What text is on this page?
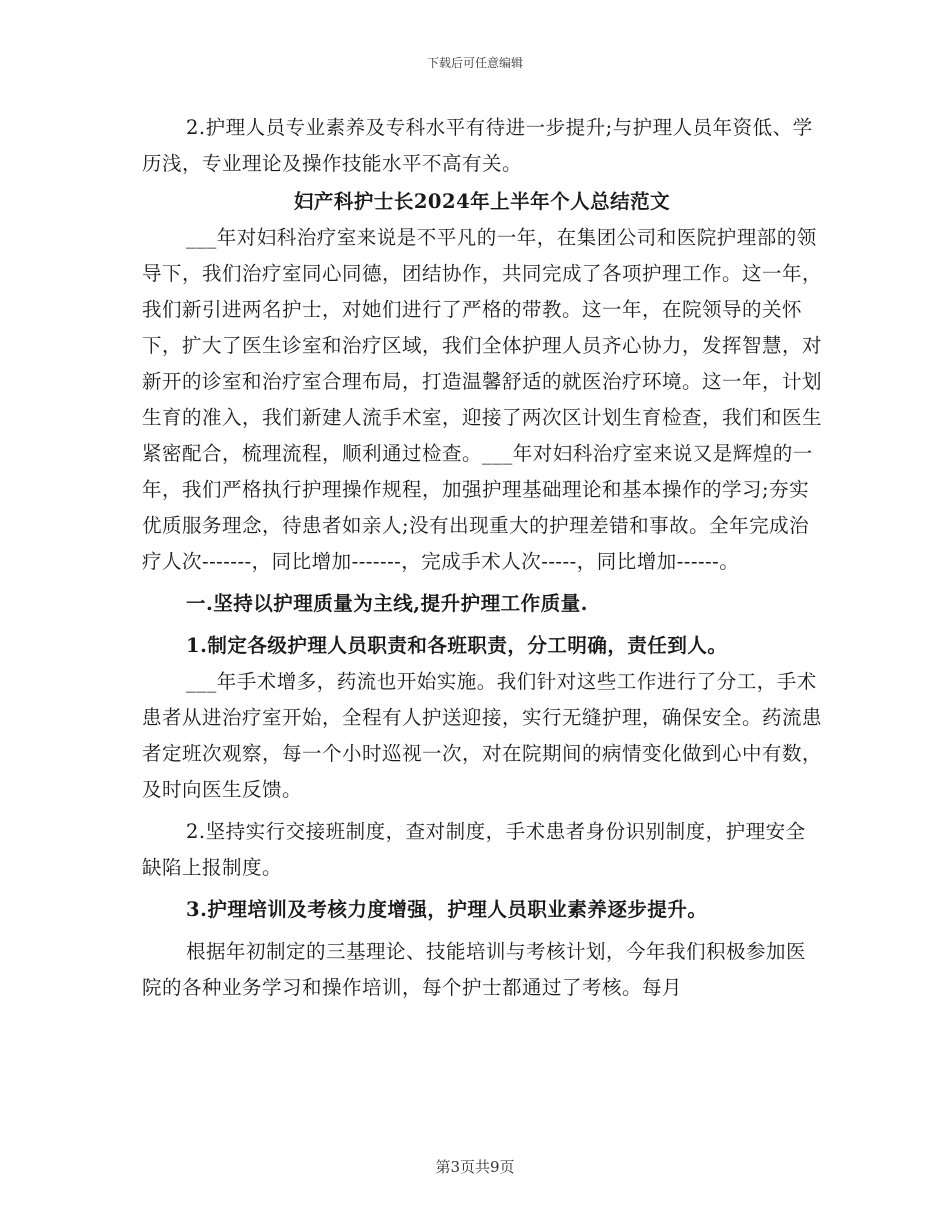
下载后可任意编辑

2.护理人员专业素养及专科水平有待进一步提升;与护理人员年资低、学历浅，专业理论及操作技能水平不高有关。

妇产科护士长2024年上半年个人总结范文

___年对妇科治疗室来说是不平凡的一年，在集团公司和医院护理部的领导下，我们治疗室同心同德，团结协作，共同完成了各项护理工作。这一年，我们新引进两名护士，对她们进行了严格的带教。这一年，在院领导的关怀下，扩大了医生诊室和治疗区域，我们全体护理人员齐心协力，发挥智慧，对新开的诊室和治疗室合理布局，打造温馨舒适的就医治疗环境。这一年，计划生育的准入，我们新建人流手术室，迎接了两次区计划生育检查，我们和医生紧密配合，梳理流程，顺利通过检查。___年对妇科治疗室来说又是辉煌的一年，我们严格执行护理操作规程，加强护理基础理论和基本操作的学习;夯实优质服务理念，待患者如亲人;没有出现重大的护理差错和事故。全年完成治疗人次-------，同比增加-------，完成手术人次-----，同比增加------。

一.坚持以护理质量为主线,提升护理工作质量.

1.制定各级护理人员职责和各班职责，分工明确，责任到人。

___年手术增多，药流也开始实施。我们针对这些工作进行了分工，手术患者从进治疗室开始，全程有人护送迎接，实行无缝护理，确保安全。药流患者定班次观察，每一个小时巡视一次，对在院期间的病情变化做到心中有数，及时向医生反馈。

2.坚持实行交接班制度，查对制度，手术患者身份识别制度，护理安全缺陷上报制度。

3.护理培训及考核力度增强，护理人员职业素养逐步提升。

根据年初制定的三基理论、技能培训与考核计划，今年我们积极参加医院的各种业务学习和操作培训，每个护士都通过了考核。每月

第3页共9页
